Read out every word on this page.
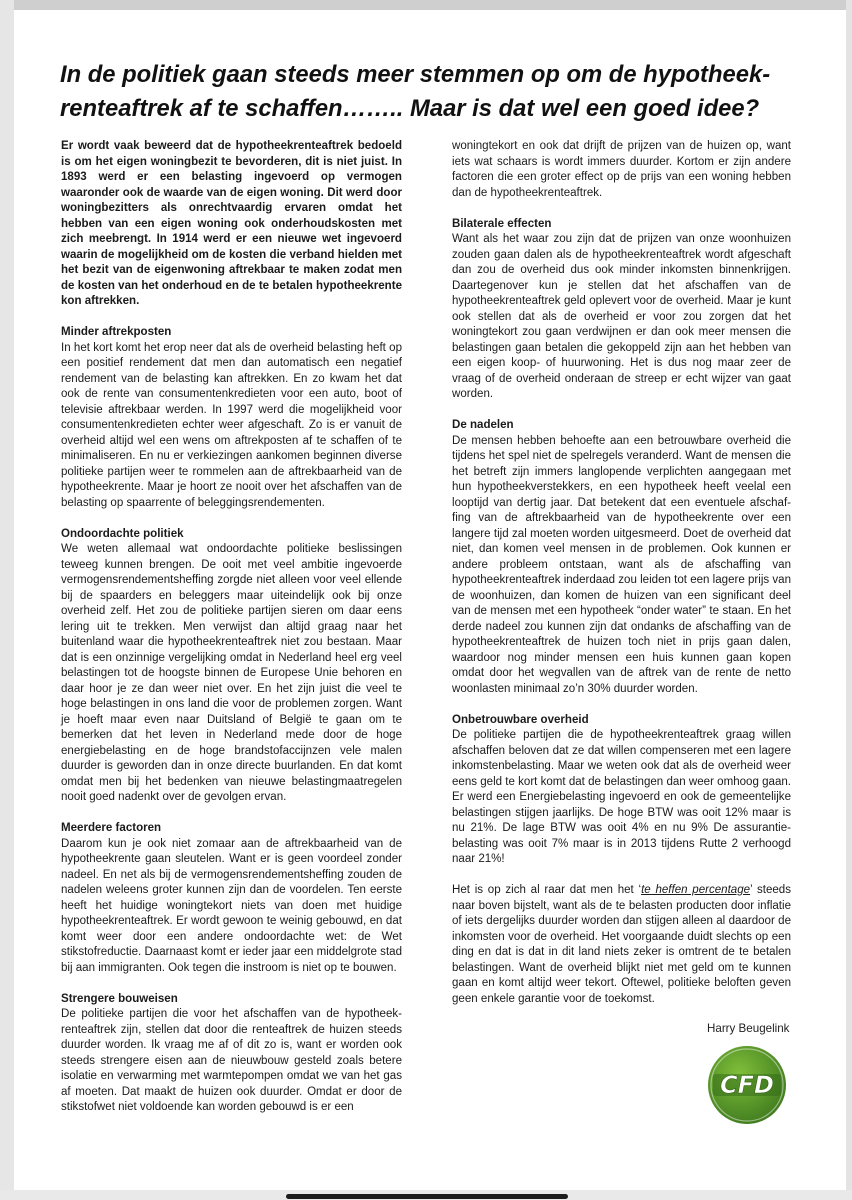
In de politiek gaan steeds meer stemmen op om de hypotheek-
renteaftrek af te schaffen…….. Maar is dat wel een goed idee?

Er wordt vaak beweerd dat de hypotheekrenteaftrek bedoeld is om het eigen woningbezit te bevorderen, dit is niet juist. In 1893 werd er een belasting ingevoerd op vermogen waaronder ook de waarde van de eigen woning. Dit werd door woningbezitters als onrechtvaardig ervaren omdat het hebben van een eigen woning ook onderhoudskosten met zich meebrengt. In 1914 werd er een nieuwe wet ingevoerd waarin de mogelijkheid om de kosten die verband hielden met het bezit van de eigenwoning aftrekbaar te maken zodat men de kosten van het onderhoud en de te betalen hypotheekrente kon aftrekken.

Minder aftrekposten

In het kort komt het erop neer dat als de overheid belasting heft op een positief rendement dat men dan automatisch een negatief rendement van de belasting kan aftrekken. En zo kwam het dat ook de rente van consumentenkredieten voor een auto, boot of televisie aftrekbaar werden. In 1997 werd die mogelijkheid voor consumentenkredieten echter weer afgeschaft. Zo is er vanuit de overheid altijd wel een wens om aftrekposten af te schaffen of te minimaliseren. En nu er verkiezingen aankomen beginnen diverse politieke partijen weer te rommelen aan de aftrekbaarheid van de hypotheekrente. Maar je hoort ze nooit over het afschaffen van de belasting op spaarrente of beleggingsrendementen.

Ondoordachte politiek

We weten allemaal wat ondoordachte politieke beslissingen teweeg kunnen brengen. De ooit met veel ambitie ingevoerde vermogensrendementsheffing zorgde niet alleen voor veel ellende bij de spaarders en beleggers maar uiteindelijk ook bij onze overheid zelf. Het zou de politieke partijen sieren om daar eens lering uit te trekken. Men verwijst dan altijd graag naar het buitenland waar die hypotheekrenteaftrek niet zou bestaan. Maar dat is een onzinnige vergelijking omdat in Nederland heel erg veel belastingen tot de hoogste binnen de Europese Unie behoren en daar hoor je ze dan weer niet over. En het zijn juist die veel te hoge belastingen in ons land die voor de problemen zorgen. Want je hoeft maar even naar Duitsland of België te gaan om te bemerken dat het leven in Nederland mede door de hoge energiebelasting en de hoge brandstofaccijnzen vele malen duurder is geworden dan in onze directe buurlanden. En dat komt omdat men bij het bedenken van nieuwe belastingmaatregelen nooit goed nadenkt over de gevolgen ervan.

Meerdere factoren

Daarom kun je ook niet zomaar aan de aftrekbaarheid van de hypotheekrente gaan sleutelen. Want er is geen voordeel zonder nadeel. En net als bij de vermogensrendementsheffing zouden de nadelen weleens groter kunnen zijn dan de voordelen. Ten eerste heeft het huidige woningtekort niets van doen met huidige hypotheekrenteaftrek. Er wordt gewoon te weinig gebouwd, en dat komt weer door een andere ondoordachte wet: de Wet stikstofreductie. Daarnaast komt er ieder jaar een middelgrote stad bij aan immigranten. Ook tegen die instroom is niet op te bouwen.

Strengere bouweisen

De politieke partijen die voor het afschaffen van de hypotheek-renteaftrek zijn, stellen dat door die renteaftrek de huizen steeds duurder worden. Ik vraag me af of dit zo is, want er worden ook steeds strengere eisen aan de nieuwbouw gesteld zoals betere isolatie en verwarming met warmtepompen omdat we van het gas af moeten. Dat maakt de huizen ook duurder. Omdat er door de stikstofwet niet voldoende kan worden gebouwd is er een

woningtekort en ook dat drijft de prijzen van de huizen op, want iets wat schaars is wordt immers duurder. Kortom er zijn andere factoren die een groter effect op de prijs van een woning hebben dan de hypotheekrenteaftrek.

Bilaterale effecten

Want als het waar zou zijn dat de prijzen van onze woonhuizen zouden gaan dalen als de hypotheekrenteaftrek wordt afgeschaft dan zou de overheid dus ook minder inkomsten binnenkrijgen. Daartegenover kun je stellen dat het afschaffen van de hypotheekrenteaftrek geld oplevert voor de overheid. Maar je kunt ook stellen dat als de overheid er voor zou zorgen dat het woningtekort zou gaan verdwijnen er dan ook meer mensen die belastingen gaan betalen die gekoppeld zijn aan het hebben van een eigen koop- of huurwoning. Het is dus nog maar zeer de vraag of de overheid onderaan de streep er echt wijzer van gaat worden.

De nadelen

De mensen hebben behoefte aan een betrouwbare overheid die tijdens het spel niet de spelregels veranderd. Want de mensen die het betreft zijn immers langlopende verplichten aangegaan met hun hypotheekverstekkers, en een hypotheek heeft veelal een looptijd van dertig jaar. Dat betekent dat een eventuele afschaf-fing van de aftrekbaarheid van de hypotheekrente over een langere tijd zal moeten worden uitgesmeerd. Doet de overheid dat niet, dan komen veel mensen in de problemen. Ook kunnen er andere probleem ontstaan, want als de afschaffing van hypotheekrenteaftrek inderdaad zou leiden tot een lagere prijs van de woonhuizen, dan komen de huizen van een significant deel van de mensen met een hypotheek “onder water” te staan. En het derde nadeel zou kunnen zijn dat ondanks de afschaffing van de hypotheekrenteaftrek de huizen toch niet in prijs gaan dalen, waardoor nog minder mensen een huis kunnen gaan kopen omdat door het wegvallen van de aftrek van de rente de netto woonlasten minimaal zo’n 30% duurder worden.

Onbetrouwbare overheid

De politieke partijen die de hypotheekrenteaftrek graag willen afschaffen beloven dat ze dat willen compenseren met een lagere inkomstenbelasting. Maar we weten ook dat als de overheid weer eens geld te kort komt dat de belastingen dan weer omhoog gaan. Er werd een Energiebelasting ingevoerd en ook de gemeentelijke belastingen stijgen jaarlijks. De hoge BTW was ooit 12% maar is nu 21%. De lage BTW was ooit 4% en nu 9% De assurantie-belasting was ooit 7% maar is in 2013 tijdens Rutte 2 verhoogd naar 21%!

Het is op zich al raar dat men het ‘te heffen percentage’ steeds naar boven bijstelt, want als de te belasten producten door inflatie of iets dergelijks duurder worden dan stijgen alleen al daardoor de inkomsten voor de overheid. Het voorgaande duidt slechts op een ding en dat is dat in dit land niets zeker is omtrent de te betalen belastingen. Want de overheid blijkt niet met geld om te kunnen gaan en komt altijd weer tekort. Oftewel, politieke beloften geven geen enkele garantie voor de toekomst.

Harry Beugelink
CFD
